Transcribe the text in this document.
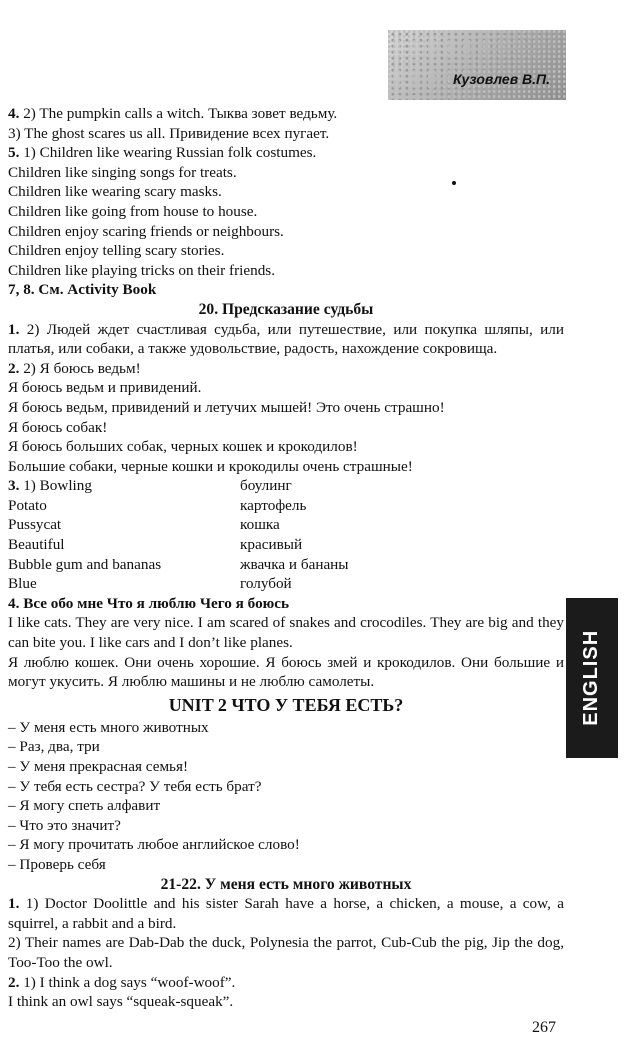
Кузовлев В.П.
4. 2) The pumpkin calls a witch. Тыква зовет ведьму.
3) The ghost scares us all. Привидение всех пугает.
5. 1) Children like wearing Russian folk costumes.
Children like singing songs for treats.
Children like wearing scary masks.
Children like going from house to house.
Children enjoy scaring friends or neighbours.
Children enjoy telling scary stories.
Children like playing tricks on their friends.
7, 8. См. Activity Book
20. Предсказание судьбы
1. 2) Людей ждет счастливая судьба, или путешествие, или покупка шляпы, или платья, или собаки, а также удовольствие, радость, нахождение сокровища.
2. 2) Я боюсь ведьм!
Я боюсь ведьм и привидений.
Я боюсь ведьм, привидений и летучих мышей! Это очень страшно!
Я боюсь собак!
Я боюсь больших собак, черных кошек и крокодилов!
Большие собаки, черные кошки и крокодилы очень страшные!
3. 1) Bowling	боулинг
Potato	картофель
Pussycat	кошка
Beautiful	красивый
Bubble gum and bananas	жвачка и бананы
Blue	голубой
4. Все обо мне Что я люблю Чего я боюсь
I like cats. They are very nice. I am scared of snakes and crocodiles. They are big and they can bite you. I like cars and I don’t like planes.
Я люблю кошек. Они очень хорошие. Я боюсь змей и крокодилов. Они большие и могут укусить. Я люблю машины и не люблю самолеты.
UNIT 2 ЧТО У ТЕБЯ ЕСТЬ?
– У меня есть много животных
– Раз, два, три
– У меня прекрасная семья!
– У тебя есть сестра? У тебя есть брат?
– Я могу спеть алфавит
– Что это значит?
– Я могу прочитать любое английское слово!
– Проверь себя
21-22. У меня есть много животных
1. 1) Doctor Doolittle and his sister Sarah have a horse, a chicken, a mouse, a cow, a squirrel, a rabbit and a bird.
2) Their names are Dab-Dab the duck, Polynesia the parrot, Cub-Cub the pig, Jip the dog, Too-Too the owl.
2. 1) I think a dog says “woof-woof”.
I think an owl says “squeak-squeak”.
ENGLISH
267
